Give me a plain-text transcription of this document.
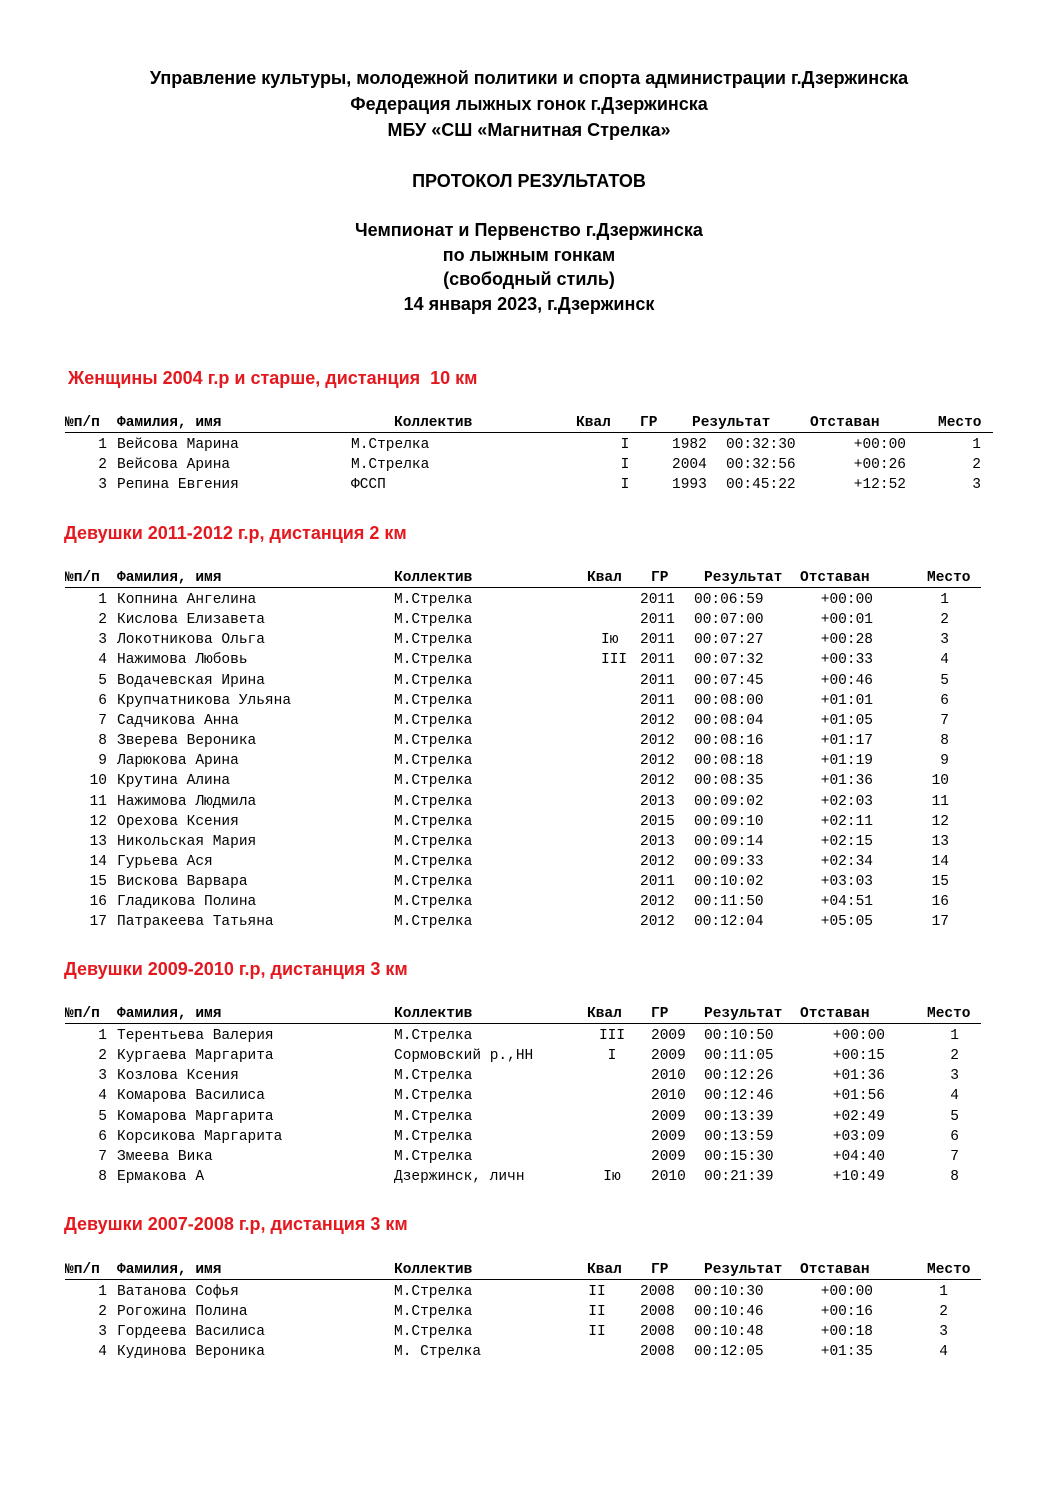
Управление культуры, молодежной политики и спорта администрации г.Дзержинска
Федерация лыжных гонок г.Дзержинска
МБУ «СШ «Магнитная Стрелка»
ПРОТОКОЛ РЕЗУЛЬТАТОВ
Чемпионат и Первенство г.Дзержинска
по лыжным гонкам
(свободный стиль)
14 января 2023, г.Дзержинск
Женщины 2004 г.р и старше, дистанция  10 км
№п/п Фамилия, имя	Коллектив	Квал ГР Результат	Отставан	Место
1 Вейсова Марина	М.Стрелка	I	1982 00:32:30	+00:00	1
2 Вейсова Арина	М.Стрелка	I	2004 00:32:56	+00:26	2
3 Репина Евгения	ФССП	I	1993 00:45:22	+12:52	3
Девушки 2011-2012 г.р, дистанция 2 км
№п/п Фамилия, имя	Коллектив	Квал ГР Результат Отставан	Место
1 Копнина Ангелина	М.Стрелка	2011 00:06:59	+00:00	1
2 Кислова Елизавета	М.Стрелка	2011 00:07:00	+00:01	2
3 Локотникова Ольга	М.Стрелка	Iю 2011 00:07:27	+00:28	3
4 Нажимова Любовь	М.Стрелка	III 2011 00:07:32	+00:33	4
5 Водачевская Ирина	М.Стрелка	2011 00:07:45	+00:46	5
6 Крупчатникова Ульяна	М.Стрелка	2011 00:08:00	+01:01	6
7 Садчикова Анна	М.Стрелка	2012 00:08:04	+01:05	7
8 Зверева Вероника	М.Стрелка	2012 00:08:16	+01:17	8
9 Ларюкова Арина	М.Стрелка	2012 00:08:18	+01:19	9
10 Крутина Алина	М.Стрелка	2012 00:08:35	+01:36	10
11 Нажимова Людмила	М.Стрелка	2013 00:09:02	+02:03	11
12 Орехова Ксения	М.Стрелка	2015 00:09:10	+02:11	12
13 Никольская Мария	М.Стрелка	2013 00:09:14	+02:15	13
14 Гурьева Ася	М.Стрелка	2012 00:09:33	+02:34	14
15 Вискова Варвара	М.Стрелка	2011 00:10:02	+03:03	15
16 Гладикова Полина	М.Стрелка	2012 00:11:50	+04:51	16
17 Патракеева Татьяна	М.Стрелка	2012 00:12:04	+05:05	17
Девушки 2009-2010 г.р, дистанция 3 км
№п/п Фамилия, имя	Коллектив	Квал ГР Результат Отставан	Место
1 Терентьева Валерия	М.Стрелка	III	2009 00:10:50	+00:00	1
2 Кургаева Маргарита	Сормовский р.,НН	I	2009 00:11:05	+00:15	2
3 Козлова Ксения	М.Стрелка	2010 00:12:26	+01:36	3
4 Комарова Василиса	М.Стрелка	2010 00:12:46	+01:56	4
5 Комарова Маргарита	М.Стрелка	2009 00:13:39	+02:49	5
6 Корсикова Маргарита	М.Стрелка	2009 00:13:59	+03:09	6
7 Змеева Вика	М.Стрелка	2009 00:15:30	+04:40	7
8 Ермакова А	Дзержинск, личн	Iю	2010 00:21:39	+10:49	8
Девушки 2007-2008 г.р, дистанция 3 км
№п/п Фамилия, имя	Коллектив	Квал ГР Результат Отставан	Место
1 Ватанова Софья	М.Стрелка	II	2008 00:10:30	+00:00	1
2 Рогожина Полина	М.Стрелка	II	2008 00:10:46	+00:16	2
3 Гордеева Василиса	М.Стрелка	II	2008 00:10:48	+00:18	3
4 Кудинова Вероника	М. Стрелка	2008 00:12:05	+01:35	4
